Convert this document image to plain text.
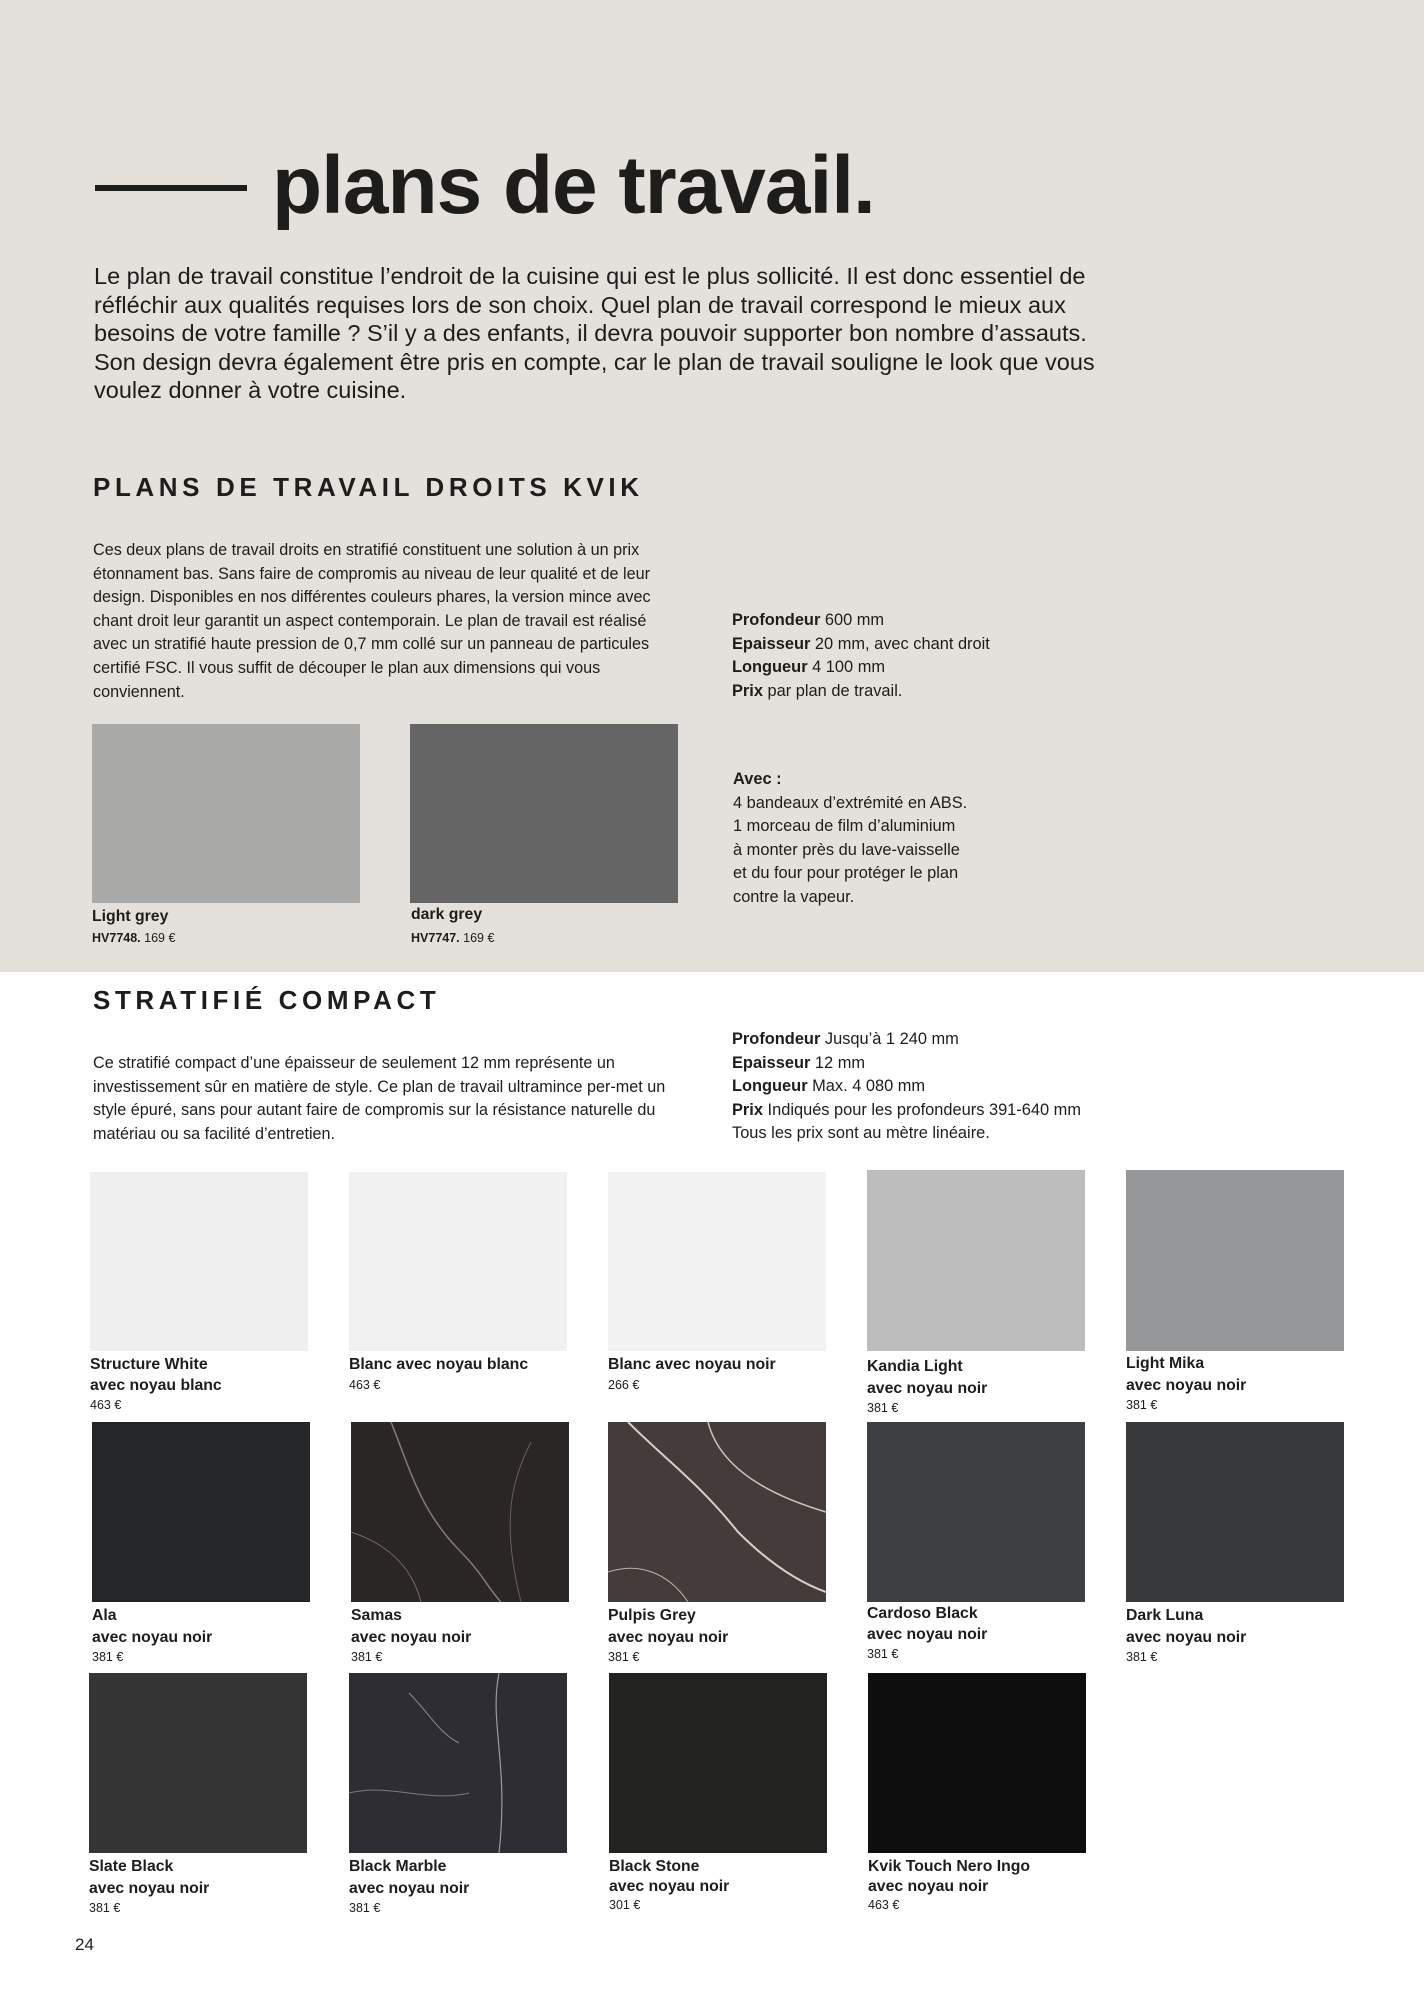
plans de travail.

Le plan de travail constitue l’endroit de la cuisine qui est le plus sollicité. Il est donc essentiel de réfléchir aux qualités requises lors de son choix. Quel plan de travail correspond le mieux aux besoins de votre famille ? S’il y a des enfants, il devra pouvoir supporter bon nombre d’assauts. Son design devra également être pris en compte, car le plan de travail souligne le look que vous voulez donner à votre cuisine.

PLANS DE TRAVAIL DROITS KVIK

Ces deux plans de travail droits en stratifié constituent une solution à un prix étonnament bas. Sans faire de compromis au niveau de leur qualité et de leur design. Disponibles en nos différentes couleurs phares, la version mince avec chant droit leur garantit un aspect contemporain. Le plan de travail est réalisé avec un stratifié haute pression de 0,7 mm collé sur un panneau de particules certifié FSC. Il vous suffit de découper le plan aux dimensions qui vous conviennent.

Profondeur 600 mm

Epaisseur 20 mm, avec chant droit

Longueur 4 100 mm

Prix par plan de travail.

Avec :

4 bandeaux d’extrémité en ABS.

1 morceau de film d’aluminium

à monter près du lave-vaisselle

et du four pour protéger le plan

contre la vapeur.

Light grey

HV7748. 169 €

dark grey

HV7747. 169 €

STRATIFIÉ COMPACT

Ce stratifié compact d’une épaisseur de seulement 12 mm représente un investissement sûr en matière de style. Ce plan de travail ultramince per-met un style épuré, sans pour autant faire de compromis sur la résistance naturelle du matériau ou sa facilité d’entretien.

Profondeur Jusqu’à 1 240 mm

Epaisseur 12 mm

Longueur Max. 4 080 mm

Prix Indiqués pour les profondeurs 391-640 mm

Tous les prix sont au mètre linéaire.

Structure White

avec noyau blanc

463 €

Blanc avec noyau blanc

463 €

Blanc avec noyau noir

266 €

Kandia Light

avec noyau noir

381 €

Light Mika

avec noyau noir

381 €

Ala

avec noyau noir

381 €

Samas

avec noyau noir

381 €

Pulpis Grey

avec noyau noir

381 €

Cardoso Black

avec noyau noir

381 €

Dark Luna

avec noyau noir

381 €

Slate Black

avec noyau noir

381 €

Black Marble

avec noyau noir

381 €

Black Stone

avec noyau noir

301 €

Kvik Touch Nero Ingo

avec noyau noir

463 €

24
